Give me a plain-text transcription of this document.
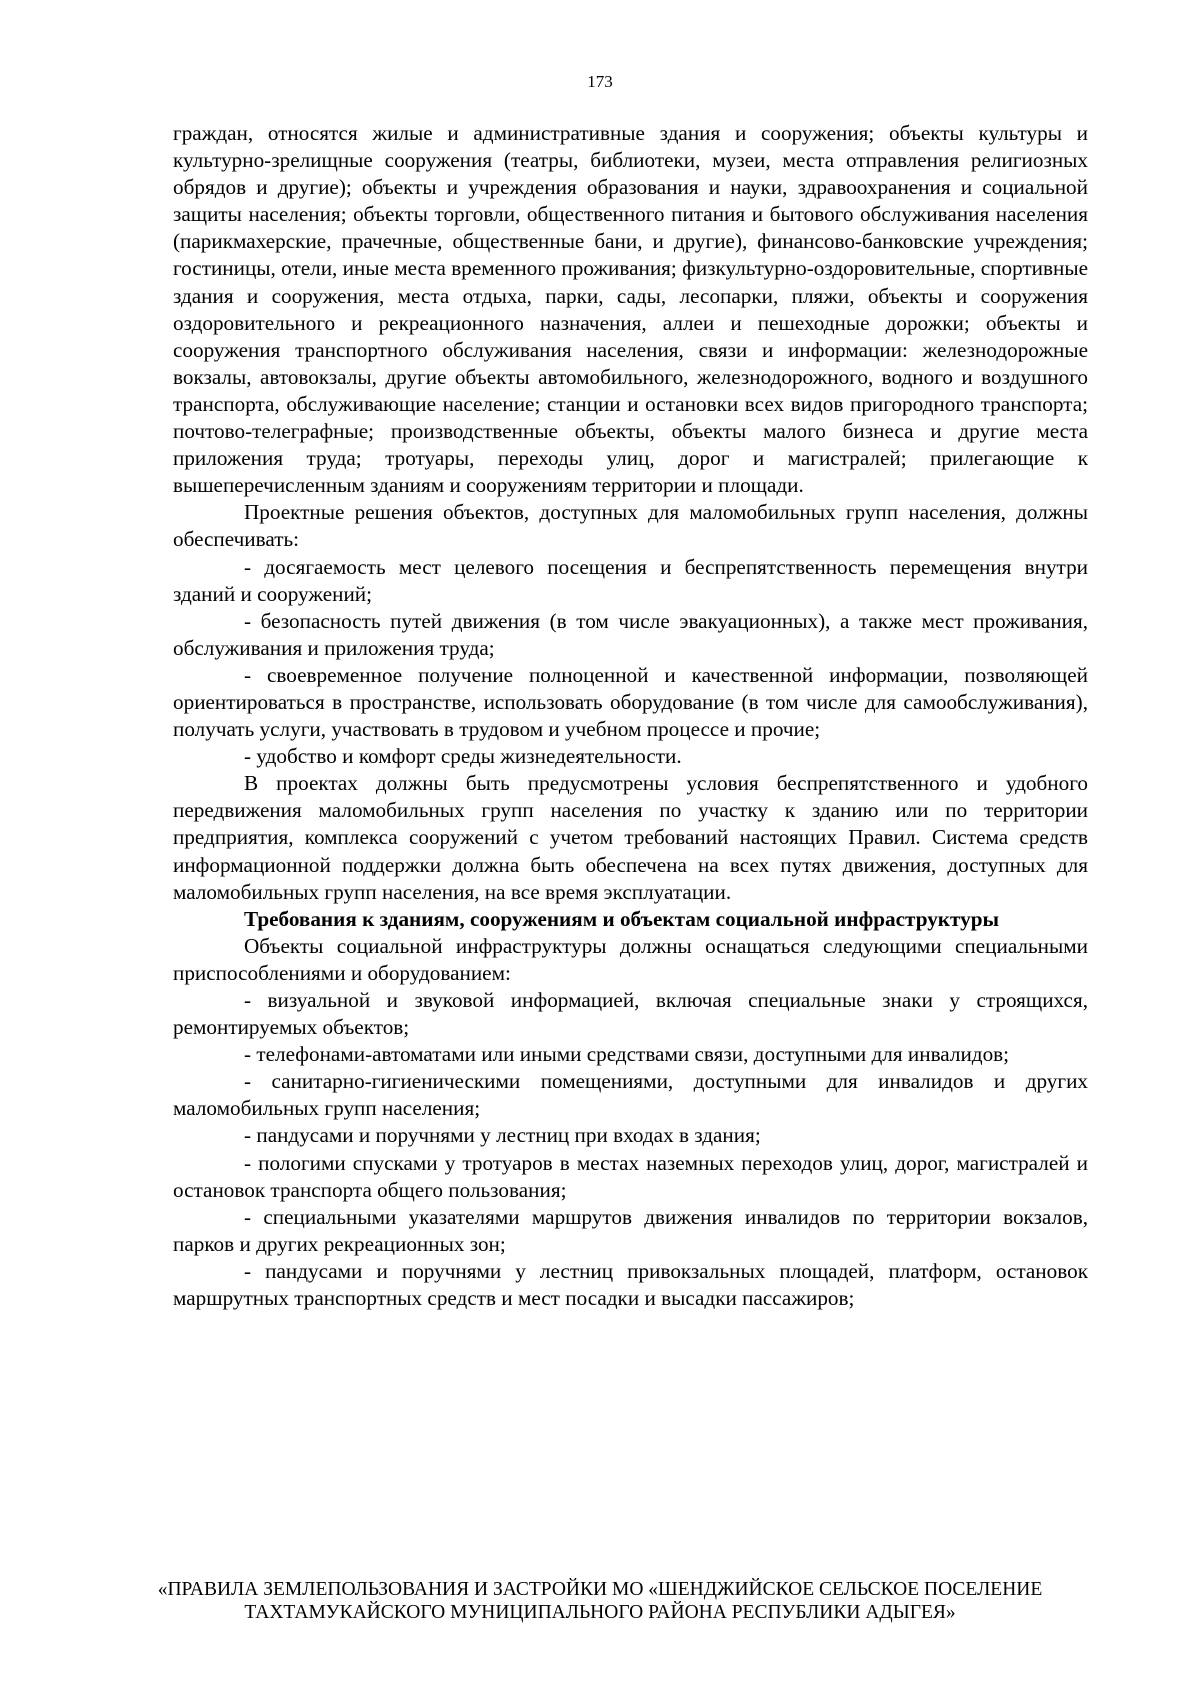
173

граждан, относятся жилые и административные здания и сооружения; объекты культуры и культурно-зрелищные сооружения (театры, библиотеки, музеи, места отправления религиозных обрядов и другие); объекты и учреждения образования и науки, здравоохранения и социальной защиты населения; объекты торговли, общественного питания и бытового обслуживания населения (парикмахерские, прачечные, общественные бани, и другие), финансово-банковские учреждения; гостиницы, отели, иные места временного проживания; физкультурно-оздоровительные, спортивные здания и сооружения, места отдыха, парки, сады, лесопарки, пляжи, объекты и сооружения оздоровительного и рекреационного назначения, аллеи и пешеходные дорожки; объекты и сооружения транспортного обслуживания населения, связи и информации: железнодорожные вокзалы, автовокзалы, другие объекты автомобильного, железнодорожного, водного и воздушного транспорта, обслуживающие население; станции и остановки всех видов пригородного транспорта; почтово-телеграфные; производственные объекты, объекты малого бизнеса и другие места приложения труда; тротуары, переходы улиц, дорог и магистралей; прилегающие к вышеперечисленным зданиям и сооружениям территории и площади.

Проектные решения объектов, доступных для маломобильных групп населения, должны обеспечивать:

- досягаемость мест целевого посещения и беспрепятственность перемещения внутри зданий и сооружений;

- безопасность путей движения (в том числе эвакуационных), а также мест проживания, обслуживания и приложения труда;

- своевременное получение полноценной и качественной информации, позволяющей ориентироваться в пространстве, использовать оборудование (в том числе для самообслуживания), получать услуги, участвовать в трудовом и учебном процессе и прочие;

- удобство и комфорт среды жизнедеятельности.

В проектах должны быть предусмотрены условия беспрепятственного и удобного передвижения маломобильных групп населения по участку к зданию или по территории предприятия, комплекса сооружений с учетом требований настоящих Правил. Система средств информационной поддержки должна быть обеспечена на всех путях движения, доступных для маломобильных групп населения, на все время эксплуатации.

Требования к зданиям, сооружениям и объектам социальной инфраструктуры

Объекты социальной инфраструктуры должны оснащаться следующими специальными приспособлениями и оборудованием:

- визуальной и звуковой информацией, включая специальные знаки у строящихся, ремонтируемых объектов;

- телефонами-автоматами или иными средствами связи, доступными для инвалидов;

- санитарно-гигиеническими помещениями, доступными для инвалидов и других маломобильных групп населения;

- пандусами и поручнями у лестниц при входах в здания;

- пологими спусками у тротуаров в местах наземных переходов улиц, дорог, магистралей и остановок транспорта общего пользования;

- специальными указателями маршрутов движения инвалидов по территории вокзалов, парков и других рекреационных зон;

- пандусами и поручнями у лестниц привокзальных площадей, платформ, остановок маршрутных транспортных средств и мест посадки и высадки пассажиров;

«ПРАВИЛА ЗЕМЛЕПОЛЬЗОВАНИЯ И ЗАСТРОЙКИ МО «ШЕНДЖИЙСКОЕ СЕЛЬСКОЕ ПОСЕЛЕНИЕ
ТАХТАМУКАЙСКОГО МУНИЦИПАЛЬНОГО РАЙОНА РЕСПУБЛИКИ АДЫГЕЯ»
